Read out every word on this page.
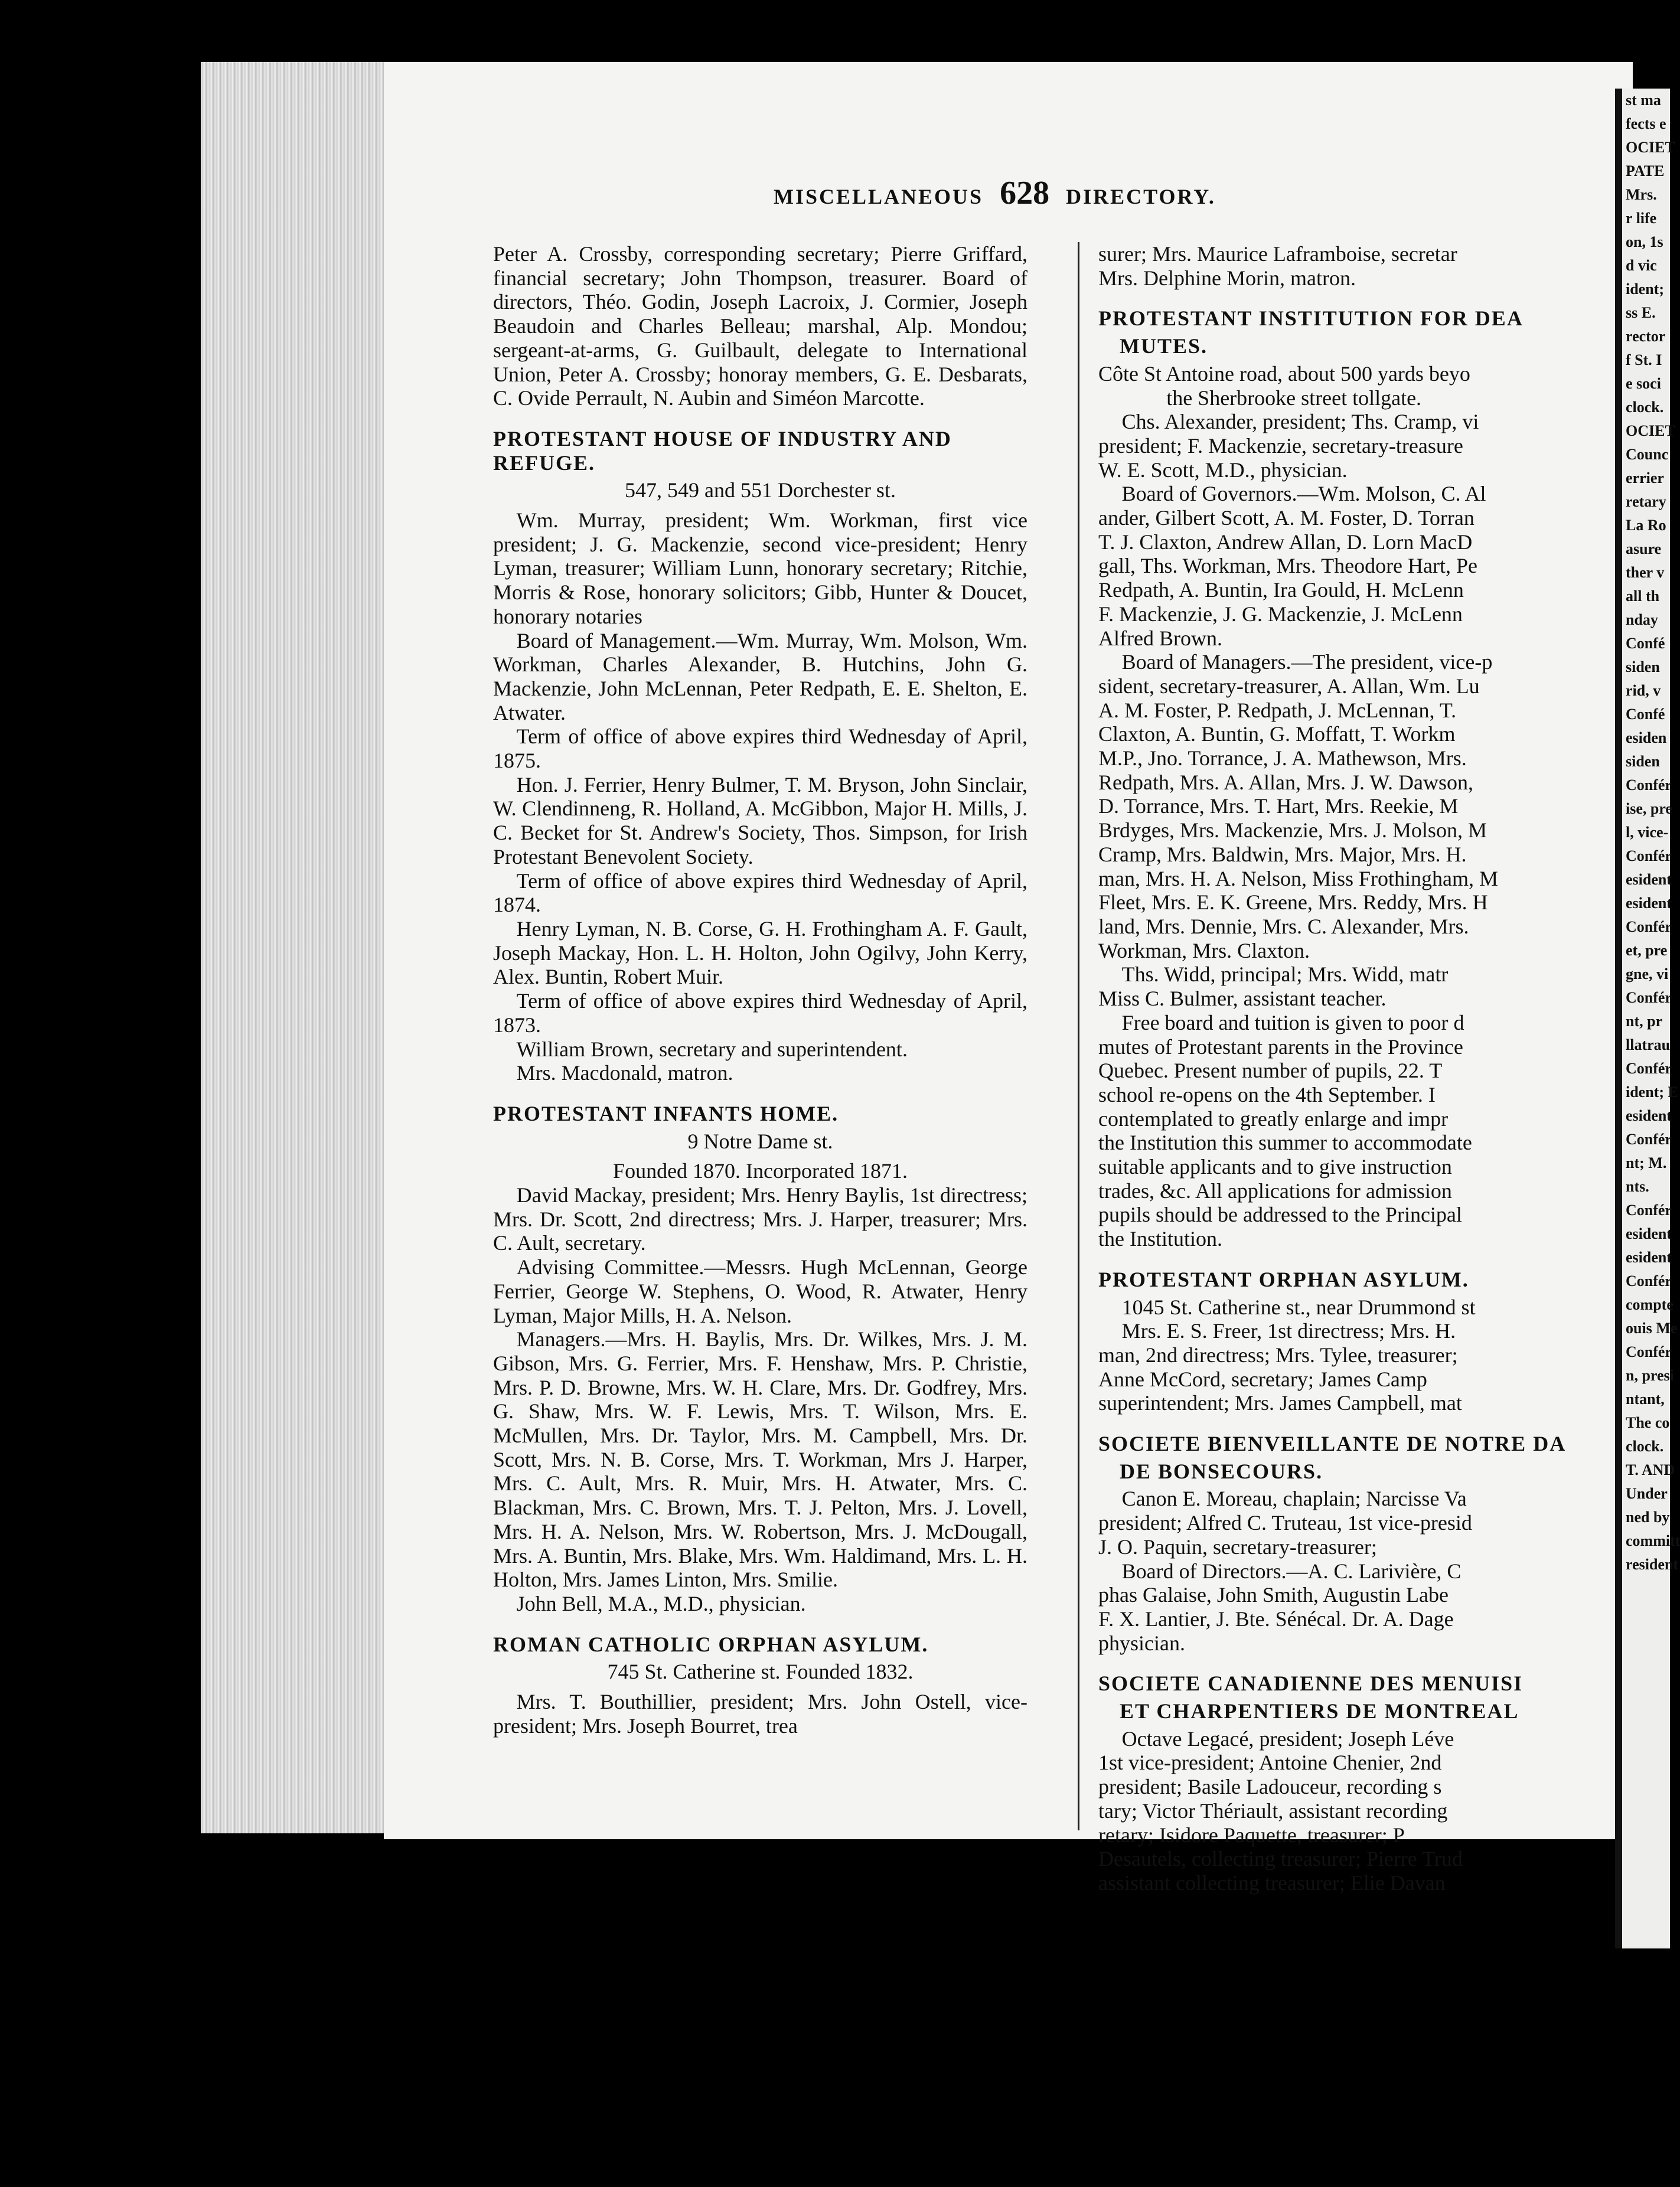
MISCELLANEOUS 628 DIRECTORY.

Peter A. Crossby, corresponding secretary; Pierre Griffard, financial secretary; John Thompson, treasurer. Board of directors, Théo. Godin, Joseph Lacroix, J. Cormier, Joseph Beaudoin and Charles Belleau; marshal, Alp. Mondou; sergeant-at-arms, G. Guilbault, delegate to International Union, Peter A. Crossby; honoray members, G. E. Desbarats, C. Ovide Perrault, N. Aubin and Siméon Marcotte.

PROTESTANT HOUSE OF INDUSTRY AND REFUGE.

547, 549 and 551 Dorchester st.

Wm. Murray, president; Wm. Workman, first vice president; J. G. Mackenzie, second vice-president; Henry Lyman, treasurer; William Lunn, honorary secretary; Ritchie, Morris & Rose, honorary solicitors; Gibb, Hunter & Doucet, honorary notaries

Board of Management.—Wm. Murray, Wm. Molson, Wm. Workman, Charles Alexander, B. Hutchins, John G. Mackenzie, John McLennan, Peter Redpath, E. E. Shelton, E. Atwater.

Term of office of above expires third Wednesday of April, 1875.

Hon. J. Ferrier, Henry Bulmer, T. M. Bryson, John Sinclair, W. Clendinneng, R. Holland, A. McGibbon, Major H. Mills, J. C. Becket for St. Andrew's Society, Thos. Simpson, for Irish Protestant Benevolent Society.

Term of office of above expires third Wednesday of April, 1874.

Henry Lyman, N. B. Corse, G. H. Frothingham A. F. Gault, Joseph Mackay, Hon. L. H. Holton, John Ogilvy, John Kerry, Alex. Buntin, Robert Muir.

Term of office of above expires third Wednesday of April, 1873.

William Brown, secretary and superintendent.

Mrs. Macdonald, matron.

PROTESTANT INFANTS HOME.

9 Notre Dame st.

Founded 1870. Incorporated 1871.

David Mackay, president; Mrs. Henry Baylis, 1st directress; Mrs. Dr. Scott, 2nd directress; Mrs. J. Harper, treasurer; Mrs. C. Ault, secretary.

Advising Committee.—Messrs. Hugh McLennan, George Ferrier, George W. Stephens, O. Wood, R. Atwater, Henry Lyman, Major Mills, H. A. Nelson.

Managers.—Mrs. H. Baylis, Mrs. Dr. Wilkes, Mrs. J. M. Gibson, Mrs. G. Ferrier, Mrs. F. Henshaw, Mrs. P. Christie, Mrs. P. D. Browne, Mrs. W. H. Clare, Mrs. Dr. Godfrey, Mrs. G. Shaw, Mrs. W. F. Lewis, Mrs. T. Wilson, Mrs. E. McMullen, Mrs. Dr. Taylor, Mrs. M. Campbell, Mrs. Dr. Scott, Mrs. N. B. Corse, Mrs. T. Workman, Mrs J. Harper, Mrs. C. Ault, Mrs. R. Muir, Mrs. H. Atwater, Mrs. C. Blackman, Mrs. C. Brown, Mrs. T. J. Pelton, Mrs. J. Lovell, Mrs. H. A. Nelson, Mrs. W. Robertson, Mrs. J. McDougall, Mrs. A. Buntin, Mrs. Blake, Mrs. Wm. Haldimand, Mrs. L. H. Holton, Mrs. James Linton, Mrs. Smilie.

John Bell, M.A., M.D., physician.

ROMAN CATHOLIC ORPHAN ASYLUM.

745 St. Catherine st. Founded 1832.

Mrs. T. Bouthillier, president; Mrs. John Ostell, vice-president; Mrs. Joseph Bourret, trea

surer; Mrs. Maurice Laframboise, secretar

Mrs. Delphine Morin, matron.

PROTESTANT INSTITUTION FOR DEA
MUTES.

Côte St Antoine road, about 500 yards beyo

the Sherbrooke street tollgate.

Chs. Alexander, president; Ths. Cramp, vi

president; F. Mackenzie, secretary-treasure

W. E. Scott, M.D., physician.

Board of Governors.—Wm. Molson, C. Al

ander, Gilbert Scott, A. M. Foster, D. Torran

T. J. Claxton, Andrew Allan, D. Lorn MacD

gall, Ths. Workman, Mrs. Theodore Hart, Pe

Redpath, A. Buntin, Ira Gould, H. McLenn

F. Mackenzie, J. G. Mackenzie, J. McLenn

Alfred Brown.

Board of Managers.—The president, vice-p

sident, secretary-treasurer, A. Allan, Wm. Lu

A. M. Foster, P. Redpath, J. McLennan, T.

Claxton, A. Buntin, G. Moffatt, T. Workm

M.P., Jno. Torrance, J. A. Mathewson, Mrs.

Redpath, Mrs. A. Allan, Mrs. J. W. Dawson,

D. Torrance, Mrs. T. Hart, Mrs. Reekie, M

Brdyges, Mrs. Mackenzie, Mrs. J. Molson, M

Cramp, Mrs. Baldwin, Mrs. Major, Mrs. H.

man, Mrs. H. A. Nelson, Miss Frothingham, M

Fleet, Mrs. E. K. Greene, Mrs. Reddy, Mrs. H

land, Mrs. Dennie, Mrs. C. Alexander, Mrs.

Workman, Mrs. Claxton.

Ths. Widd, principal; Mrs. Widd, matr

Miss C. Bulmer, assistant teacher.

Free board and tuition is given to poor d

mutes of Protestant parents in the Province

Quebec. Present number of pupils, 22. T

school re-opens on the 4th September. I

contemplated to greatly enlarge and impr

the Institution this summer to accommodate

suitable applicants and to give instruction

trades, &c. All applications for admission

pupils should be addressed to the Principal

the Institution.

PROTESTANT ORPHAN ASYLUM.

1045 St. Catherine st., near Drummond st

Mrs. E. S. Freer, 1st directress; Mrs. H.

man, 2nd directress; Mrs. Tylee, treasurer;

Anne McCord, secretary; James Camp

superintendent; Mrs. James Campbell, mat

SOCIETE BIENVEILLANTE DE NOTRE DA
DE BONSECOURS.

Canon E. Moreau, chaplain; Narcisse Va

president; Alfred C. Truteau, 1st vice-presid

J. O. Paquin, secretary-treasurer;

Board of Directors.—A. C. Larivière, C

phas Galaise, John Smith, Augustin Labe

F. X. Lantier, J. Bte. Sénécal. Dr. A. Dage

physician.

SOCIETE CANADIENNE DES MENUISI
ET CHARPENTIERS DE MONTREAL

Octave Legacé, president; Joseph Léve

1st vice-president; Antoine Chenier, 2nd

president; Basile Ladouceur, recording s

tary; Victor Thériault, assistant recording

retary; Isidore Paquette, treasurer; P

Desautels, collecting treasurer; Pierre Trud

assistant collecting treasurer; Elie Davan

st ma
fects e
OCIET
PATE
Mrs.
r life
on, 1s
d vic
ident;
ss E.
rector
f St. I
e soci
clock.
OCIET
Counc
errier
retary
La Ro
asure
ther v
all th
nday
Confé
siden
rid, v
Confé
esiden
siden
Confér
ise, pre
l, vice-
Confér
esident
esident
Confér
et, pre
gne, vi
Confér
nt, pr
llatrau
Confér
ident; E
esident
Confér
nt; M.
nts.
Confér
esident
esident
Confér
compte
ouis Me
Confér
n, presi
ntant,
The co
clock.
T. AND
Under
ned by
committ
resident
